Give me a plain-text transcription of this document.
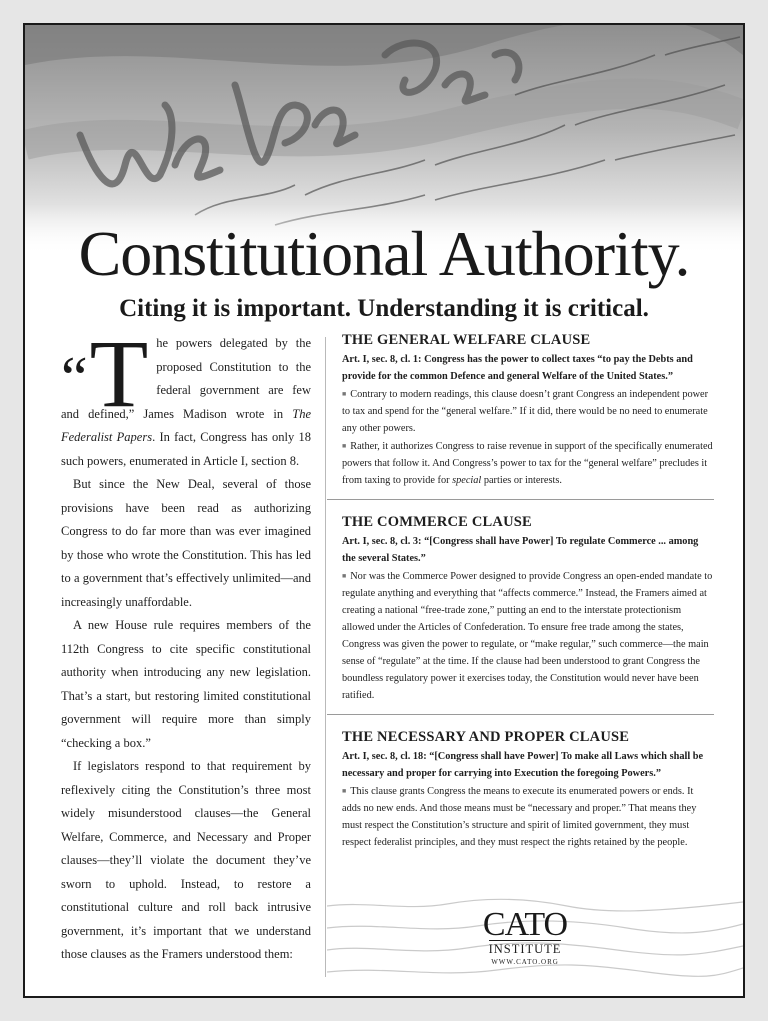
Constitutional Authority.
Citing it is important. Understanding it is critical.

“T he powers delegated by the proposed Constitution to the federal government are few and defined,” James Madison wrote in The Federalist Papers. In fact, Congress has only 18 such powers, enumerated in Article I, section 8.

But since the New Deal, several of those provisions have been read as authorizing Congress to do far more than was ever imagined by those who wrote the Constitution. This has led to a government that’s effectively unlimited—and increasingly unaffordable.

A new House rule requires members of the 112th Congress to cite specific constitutional authority when introducing any new legislation. That’s a start, but restoring limited constitutional government will require more than simply “checking a box.”

If legislators respond to that requirement by reflexively citing the Constitution’s three most widely misunderstood clauses—the General Welfare, Commerce, and Necessary and Proper clauses—they’ll violate the document they’ve sworn to uphold. Instead, to restore a constitutional culture and roll back intrusive government, it’s important that we understand those clauses as the Framers understood them:

THE GENERAL WELFARE CLAUSE
Art. I, sec. 8, cl. 1: Congress has the power to collect taxes “to pay the Debts and provide for the common Defence and general Welfare of the United States.”
■ Contrary to modern readings, this clause doesn’t grant Congress an independent power to tax and spend for the “general welfare.” If it did, there would be no need to enumerate any other powers.
■ Rather, it authorizes Congress to raise revenue in support of the specifically enumerated powers that follow it. And Congress’s power to tax for the “general welfare” precludes it from taxing to provide for special parties or interests.
THE COMMERCE CLAUSE
Art. I, sec. 8, cl. 3: “[Congress shall have Power] To regulate Commerce ... among the several States.”
■ Nor was the Commerce Power designed to provide Congress an open-ended mandate to regulate anything and everything that “affects commerce.” Instead, the Framers aimed at creating a national “free-trade zone,” putting an end to the interstate protectionism allowed under the Articles of Confederation. To ensure free trade among the states, Congress was given the power to regulate, or “make regular,” such commerce—the main sense of “regulate” at the time. If the clause had been understood to grant Congress the boundless regulatory power it exercises today, the Constitution would never have been ratified.
THE NECESSARY AND PROPER CLAUSE
Art. I, sec. 8, cl. 18: “[Congress shall have Power] To make all Laws which shall be necessary and proper for carrying into Execution the foregoing Powers.”
■ This clause grants Congress the means to execute its enumerated powers or ends. It adds no new ends. And those means must be “necessary and proper.” That means they must respect the Constitution’s structure and spirit of limited government, they must respect federalist principles, and they must respect the rights retained by the people.
CATO
INSTITUTE
WWW.CATO.ORG
